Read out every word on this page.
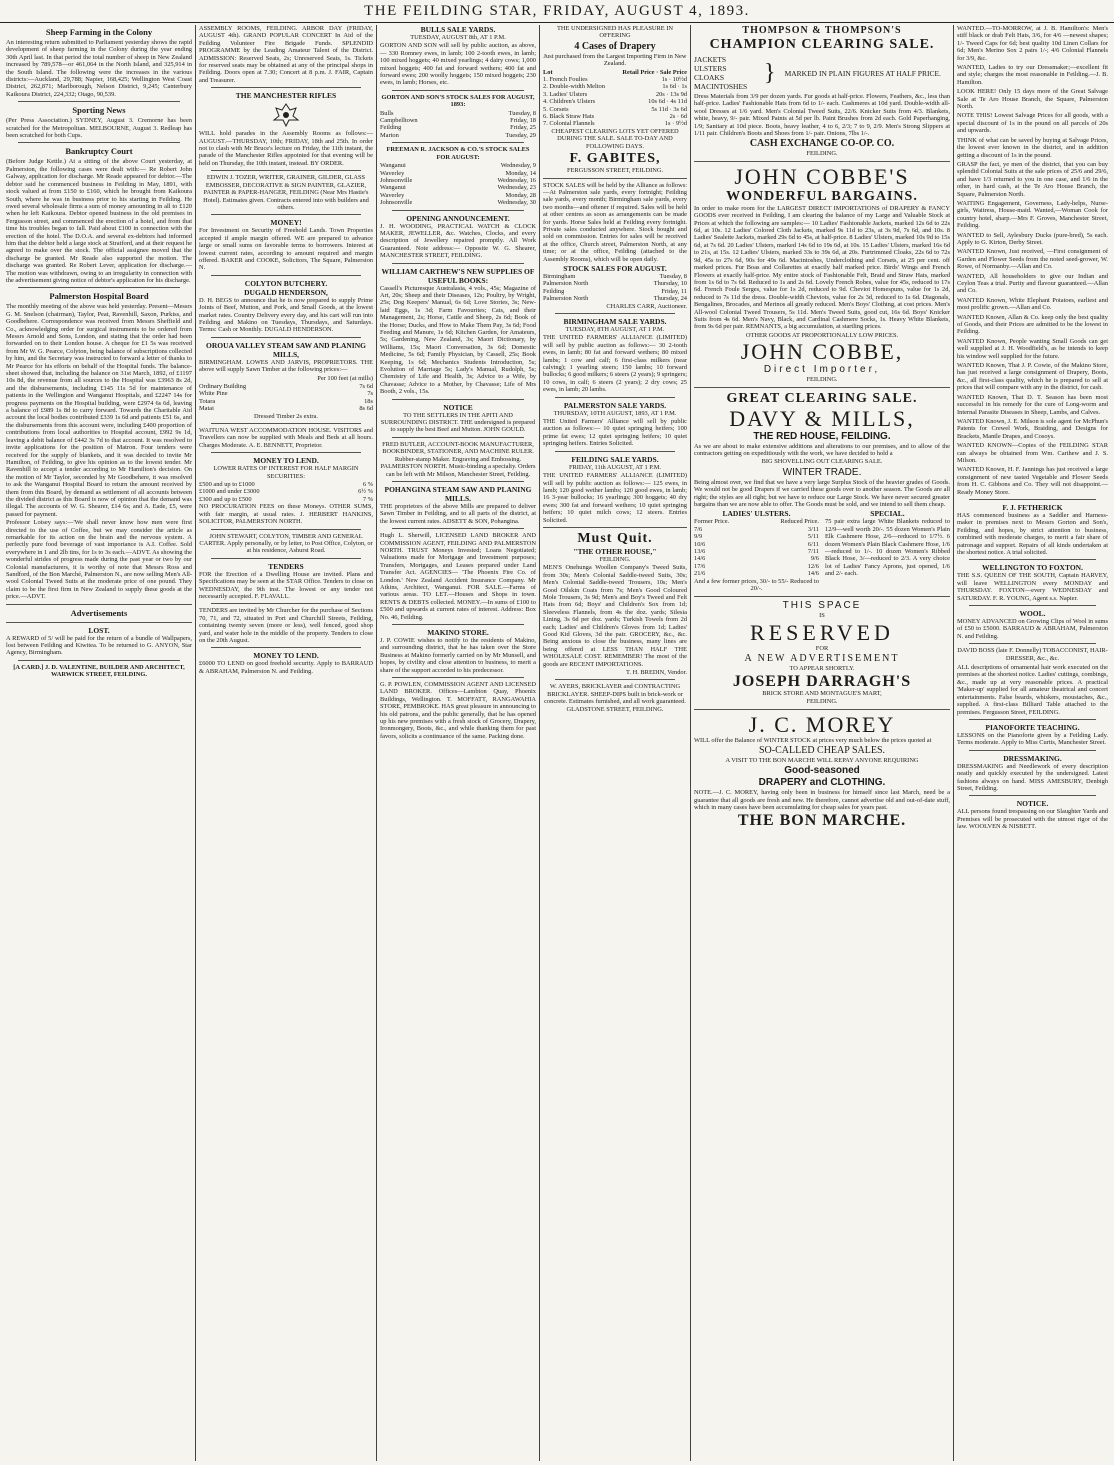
THE FEILDING STAR, FRIDAY, AUGUST 4, 1893.
Sheep Farming in the Colony

An interesting return submitted to Parliament yesterday shows the rapid development of sheep farming in the Colony during the year ending 30th April last. In that period the total number of sheep in New Zealand increased by 789,578—or 461,064 in the North Island, and 325,914 in the South Island. The following were the increases in the various districts:—Auckland, 29,788; Napier, 168,425; Wellington West Coast District, 262,871; Marlborough, Nelson District, 9,245; Canterbury Kaikoura District, 224,332; Otago, 90,539.

Sporting News

(Per Press Association.) SYDNEY, August 3. Cremorne has been scratched for the Metropolitan. MELBOURNE, August 3. Redleap has been scratched for both Cups.

Bankruptcy Court

(Before Judge Kettle.) At a sitting of the above Court yesterday, at Palmerston, the following cases were dealt with:— Re Robert John Galway, application for discharge. Mr Reade appeared for debtor.—The debtor said he commenced business in Feilding in May, 1891, with stock valued at from £150 to £160, which he brought from Kaikoura South, where he was in business prior to his starting in Feilding. He owed several wholesale firms a sum of money amounting in all to £120 when he left Kaikoura. Debtor opened business in the old premises in Fergusson street, and commenced the erection of a hotel, and from that time his troubles began to fall. Paid about £100 in connection with the erection of the hotel. The D.O.A. and several ex-debtors had informed him that the debtor held a large stock at Stratford, and at their request he agreed to make over the stock. The official assignee moved that the discharge be granted. Mr Reade also supported the motion. The discharge was granted. Re Robert Lever, application for discharge.—The motion was withdrawn, owing to an irregularity in connection with the advertisement giving notice of debtor's application for his discharge.

Palmerston Hospital Board

The monthly meeting of the above was held yesterday. Present—Messrs G. M. Snelson (chairman), Taylor, Peat, Ravenhill, Saxon, Purkiss, and Goodbehere. Correspondence was received from Messrs Sheffield and Co., acknowledging order for surgical instruments to be ordered from Messrs Arnold and Sons, London, and stating that the order had been forwarded on to their London house. A cheque for £1 5s was received from Mr W. G. Pearce, Colyton, being balance of subscriptions collected by him, and the Secretary was instructed to forward a letter of thanks to Mr Pearce for his efforts on behalf of the Hospital funds. The balance-sheet showed that, including the balance on 31st March, 1892, of £1197 10s 8d, the revenue from all sources to the Hospital was £3963 8s 2d, and the disbursements, including £145 11s 5d for maintenance of patients in the Wellington and Wanganui Hospitals, and £2247 14s for progress payments on the Hospital building, were £2974 6s 6d, leaving a balance of £989 1s 8d to carry forward. Towards the Charitable Aid account the local bodies contributed £339 1s 6d and patients £51 6s, and the disbursements from this account were, including £400 proportion of contributions from local authorities to Hospital account, £992 9s 1d, leaving a debit balance of £442 3s 7d to that account. It was resolved to invite applications for the position of Matron. Four tenders were received for the supply of blankets, and it was decided to invite Mr Hamilton, of Feilding, to give his opinion as to the lowest tender. Mr Ravenhill to accept a tender according to Mr Hamilton's decision. On the motion of Mr Taylor, seconded by Mr Goodbehere, it was resolved to ask the Wanganui Hospital Board to return the amount received by them from this Board, by demand as settlement of all accounts between the divided district as this Board is now of opinion that the demand was illegal. The accounts of W. G. Shearer, £14 6s; and A. Eade, £5, were passed for payment.

Professor Loisey says:—'We shall never know how men were first directed to the use of Coffee, but we may consider the article as remarkable for its action on the brain and the nervous system. A perfectly pure food beverage of vast importance is A.I. Coffee. Sold everywhere in 1 and 2lb tins, for 1s to 3s each.—ADVT. As showing the wonderful strides of progress made during the past year or two by our Colonial manufacturers, it is worthy of note that Messrs Ross and Sandford, of the Bon Marché, Palmerston N., are now selling Men's All-wool Colonial Tweed Suits at the moderate price of one pound. They claim to be the first firm in New Zealand to supply these goods at the price.—ADVT.

Advertisements
LOST.

A REWARD of 5/ will be paid for the return of a bundle of Wallpapers, lost between Feilding and Kiwitea. To be returned to G. ANYON, Star Agency, Birmingham.

[A CARD.] J. D. VALENTINE, BUILDER AND ARCHITECT, WARWICK STREET, FEILDING.

ASSEMBLY ROOMS, FEILDING. ARBOR DAY (FRIDAY, AUGUST 4th). GRAND POPULAR CONCERT In Aid of the Feilding Volunteer Fire Brigade Funds. SPLENDID PROGRAMME by the Leading Amateur Talent of the District. ADMISSION: Reserved Seats, 2s; Unreserved Seats, 1s. Tickets for reserved seats may be obtained at any of the principal shops in Feilding. Doors open at 7.30; Concert at 8 p.m. J. FAIR, Captain and Treasurer.

THE MANCHESTER RIFLES

WILL hold parades in the Assembly Rooms as follows:—AUGUST.—THURSDAY, 10th; FRIDAY, 18th and 25th. In order not to clash with Mr Bruce's lecture on Friday, the 11th instant, the parade of the Manchester Rifles appointed for that evening will be held on Thursday, the 10th instant, instead. BY ORDER.

EDWIN J. TOZER, WRITER, GRAINER, GILDER, GLASS EMBOSSER, DECORATIVE & SIGN PAINTER, GLAZIER, PAINTER & PAPER-HANGER, FEILDING (Near Mrs Hastie's Hotel). Estimates given. Contracts entered into with builders and others.

MONEY!

For Investment on Security of Freehold Lands. Town Properties accepted if ample margin offered. WE are prepared to advance large or small sums on favorable terms to borrowers. Interest at lowest current rates, according to amount required and margin offered. BAKER and COOKE, Solicitors, The Square, Palmerston N.

COLYTON BUTCHERY.
DUGALD HENDERSON,

D. H. BEGS to announce that he is now prepared to supply Prime Joints of Beef, Mutton, and Pork, and Small Goods, at the lowest market rates. Country Delivery every day, and his cart will run into Feilding and Makino on Tuesdays, Thursdays, and Saturdays. Terms: Cash or Monthly. DUGALD HENDERSON.

OROUA VALLEY STEAM SAW AND PLANING MILLS,

BIRMINGHAM. LOWES AND JARVIS, PROPRIETORS. THE above will supply Sawn Timber at the following prices:—

Per 100 feet (at mills)

Ordinary Building	7s 6d
White Pine	7s
Totara	18s
Matai	8s 6d

Dressed Timber 2s extra.

WAITUNA WEST ACCOMMODATION HOUSE. VISITORS and Travellers can now be supplied with Meals and Beds at all hours. Charges Moderate. A. E. BENNETT, Proprietor.

MONEY TO LEND.

LOWER RATES OF INTEREST FOR HALF MARGIN SECURITIES:

£500 and up to £1000	6 %
£1000 and under £3000	6½ %
£300 and up to £500	7 %

NO PROCURATION FEES on these Moneys. OTHER SUMS, with fair margin, at usual rates. J. HERBERT HANKINS, SOLICITOR, PALMERSTON NORTH.

JOHN STEWART, COLYTON, TIMBER AND GENERAL CARTER. Apply personally, or by letter, to Post Office, Colyton, or at his residence, Ashurst Road.

TENDERS

FOR the Erection of a Dwelling House are invited. Plans and Specifications may be seen at the STAR Office. Tenders to close on WEDNESDAY, the 9th inst. The lowest or any tender not necessarily accepted. F. FLAVALL.

TENDERS are invited by Mr Churcher for the purchase of Sections 70, 71, and 72, situated in Port and Churchill Streets, Feilding, containing twenty seven (more or less), well fenced, good shop yard, and water hole in the middle of the property. Tenders to close on the 20th August.

MONEY TO LEND.

£6000 TO LEND on good freehold security. Apply to BARRAUD & ABRAHAM, Palmerston N. and Feilding.

BULLS SALE YARDS.

TUESDAY, AUGUST 8th, AT 1 P.M.

GORTON AND SON will sell by public auction, as above,— 330 Romney ewes, in lamb; 100 2-tooth ewes, in lamb; 100 mixed hoggets; 40 mixed yearlings; 4 dairy cows; 1,000 mixed hoggets; 400 fat and forward wethers; 400 fat and forward ewes; 200 woolly hoggets; 150 mixed hoggets; 230 ewes, in lamb; Horses, etc.

GORTON AND SON'S STOCK SALES FOR AUGUST, 1893:

Bulls	Tuesday, 8
Campbelltown	Friday, 18
Feilding	Friday, 25
Marton	Tuesday, 29

FREEMAN R. JACKSON & CO.'S STOCK SALES FOR AUGUST:

Wanganui	Wednesday, 9
Waverley	Monday, 14
Johnsonville	Wednesday, 16
Wanganui	Wednesday, 23
Waverley	Monday, 28
Johnsonville	Wednesday, 30
OPENING ANNOUNCEMENT.

J. H. WOODING, PRACTICAL WATCH & CLOCK MAKER, JEWELLER, &c. Watches, Clocks, and every description of Jewellery repaired promptly. All Work Guaranteed. Note address:— Opposite W. G. Shearer, MANCHESTER STREET, FEILDING.

WILLIAM CARTHEW'S NEW SUPPLIES OF USEFUL BOOKS:

Cassell's Picturesque Australasia, 4 vols., 45s; Magazine of Art, 20s; Sheep and their Diseases, 12s; Poultry, by Wright, 25s; Dog Keepers' Manual, 6s 6d; Love Stories, 3s; New-laid Eggs, 1s 3d; Farm Favourites; Cats, and their Management, 2s; Horse, Cattle and Sheep, 2s 6d; Book of the Horse; Ducks, and How to Make Them Pay, 3s 6d; Food Feeding and Manure, 1s 6d; Kitchen Garden, for Amateurs, 5s; Gardening, New Zealand, 3s; Maori Dictionary, by Williams, 15s; Maori Conversation, 3s 6d; Domestic Medicine, 5s 6d; Family Physician, by Cassell, 25s; Book Keeping, 1s 6d; Mechanics Students Introduction, 5s; Evolution of Marriage 5s; Lady's Manual, Rudolph, 5s; Chemistry of Life and Health, 3s; Advice to a Wife, by Chavasse; Advice to a Mother, by Chavasse; Life of Mrs Booth, 2 vols., 15s.

NOTICE

TO THE SETTLERS IN THE APITI AND SURROUNDING DISTRICT. THE undersigned is prepared to supply the best Beef and Mutton. JOHN GOULD.

FRED BUTLER, ACCOUNT-BOOK MANUFACTURER, BOOKBINDER, STATIONER, AND MACHINE RULER. Rubber-stamp Maker. Engraving and Embossing. PALMERSTON NORTH. Music-binding a specialty. Orders can be left with Mr Milson, Manchester Street, Feilding.

POHANGINA STEAM SAW AND PLANING MILLS.

THE proprietors of the above Mills are prepared to deliver Sawn Timber in Feilding, and to all parts of the district, at the lowest current rates. ADSETT & SON, Pohangina.

Hugh L. Sherwill, LICENSED LAND BROKER AND COMMISSION AGENT, FEILDING AND PALMERSTON NORTH. TRUST Moneys Invested; Loans Negotiated; Valuations made for Mortgage and Investment purposes; Transfers, Mortgages, and Leases prepared under Land Transfer Act. AGENCIES— 'The Phoenix Fire Co. of London.' New Zealand Accident Insurance Company. Mr Atkins, Architect, Wanganui. FOR SALE.—Farms of various areas. TO LET.—Houses and Shops in town. RENTS & DEBTS collected. MONEY.—In sums of £100 to £500 and upwards at current rates of interest. Address: Box No. 46, Feilding.

MAKINO STORE.

J. P. COWIE wishes to notify to the residents of Makino, and surrounding district, that he has taken over the Store Business at Makino formerly carried on by Mr Munsell, and hopes, by civility and close attention to business, to merit a share of the support accorded to his predecessor.

G. P. POWLEN, COMMISSION AGENT AND LICENSED LAND BROKER. Offices—Lambton Quay, Phoenix Buildings, Wellington. T. MOFFATT, RANGAWAHIA STORE, PEMBROKE. HAS great pleasure in announcing to his old patrons, and the public generally, that he has opened up his new premises with a fresh stock of Grocery, Drapery, Ironmongery, Boots, &c., and while thanking them for past favors, solicits a continuance of the same. Packing done.

THE UNDERSIGNED HAS PLEASURE IN OFFERING

4 Cases of Drapery

Just purchased from the Largest Importing Firm in New Zealand.

Lot	Retail Price · Sale Price
1. French Foulies	1s · 10½d
2. Double-width Melton	1s 6d · 1s
3. Ladies' Ulsters	20s · 13s 9d
4. Children's Ulsters	10s 6d · 4s 11d
5. Corsets	5s 11d · 3s 6d
6. Black Straw Hats	2s · 6d
7. Colonial Flannels	1s · 9½d

CHEAPEST CLEARING LOTS YET OFFERED DURING THE SALE. SALE TO-DAY AND FOLLOWING DAYS.

F. GABITES,

FERGUSSON STREET, FEILDING.

STOCK SALES will be held by the Alliance as follows:—At Palmerston sale yards, every fortnight; Feilding sale yards, every month; Birmingham sale yards, every two months—and oftener if required. Sales will be held at other centres as soon as arrangements can be made for yards. Horse Sales held at Feilding every fortnight. Private sales conducted anywhere. Stock bought and sold on commission. Entries for sales will be received at the office, Church street, Palmerston North, at any time; or at the office, Feilding (attached to the Assembly Rooms), which will be open daily.

STOCK SALES FOR AUGUST.
Birmingham	Tuesday, 8
Palmerston North	Thursday, 10
Feilding	Friday, 11
Palmerston North	Thursday, 24

CHARLES CARR, Auctioneer.

BIRMINGHAM SALE YARDS.

TUESDAY, 8TH AUGUST, AT 1 P.M.

THE UNITED FARMERS' ALLIANCE (LIMITED) will sell by public auction as follows:— 30 2-tooth ewes, in lamb; 80 fat and forward wethers; 80 mixed lambs; 1 cow and calf; 6 first-class milkers (near calving); 1 yearling steers; 150 lambs; 10 forward bullocks; 6 good milkers; 6 steers (2 years); 9 springers; 10 cows, in calf; 6 steers (2 years); 2 dry cows; 25 ewes, in lamb; 20 lambs.

PALMERSTON SALE YARDS.

THURSDAY, 10TH AUGUST, 1893, AT 1 P.M.

THE United Farmers' Alliance will sell by public auction as follows:— 10 quiet springing heifers; 100 prime fat ewes; 12 quiet springing heifers; 10 quiet springing heifers. Entries Solicited.

FEILDING SALE YARDS.

FRIDAY, 11th AUGUST, AT 1 P.M.

THE UNITED FARMERS' ALLIANCE (LIMITED) will sell by public auction as follows:— 125 ewes, in lamb; 120 good wether lambs; 120 good ewes, in lamb; 16 3-year bullocks; 16 yearlings; 300 hoggets; 40 dry ewes; 300 fat and forward wethers; 10 quiet springing heifers; 10 quiet milch cows; 12 steers. Entries Solicited.

Must Quit.
"THE OTHER HOUSE,"

FEILDING.

MEN'S Onehunga Woollen Company's Tweed Suits, from 30s; Men's Colonial Saddle-tweed Suits, 30s; Men's Colonial Saddle-tweed Trousers, 10s; Men's Good Oilskin Coats from 7s; Men's Good Coloured Mole Trousers, 3s 9d; Men's and Boy's Tweed and Felt Hats from 6d; Boys' and Children's Sox from 1d; Sleeveless Flannels, from 4s the doz. yards; Silesia Lining, 3s 6d per doz. yards; Turkish Towels from 2d each; Ladies' and Children's Gloves from 1d; Ladies' Good Kid Gloves, 3d the pair. GROCERY, &c., &c. Being anxious to close the business, many lines are being offered at LESS THAN HALF THE WHOLESALE COST. REMEMBER! The most of the goods are RECENT IMPORTATIONS.

T. H. BREDIN, Vendor.

W. AYERS, BRICKLAYER and CONTRACTING BRICKLAYER. SHEEP-DIPS built in brick-work or concrete. Estimates furnished, and all work guaranteed. GLADSTONE STREET, FEILDING.

THOMPSON & THOMPSON'S
CHAMPION CLEARING SALE.
JACKETS
ULSTERS
CLOAKS
MACINTOSHES
}	MARKED IN PLAIN FIGURES AT HALF PRICE.

Dress Materials from 3/9 per dozen yards. Fur goods at half-price. Flowers, Feathers, &c., less than half-price. Ladies' Fashionable Hats from 6d to 1/- each. Cashmeres at 10d yard. Double-width all-wool Dresses at 1/6 yard. Men's Colonial Tweed Suits, 22/6. Knicker Suits from 4/3. Blankets, white, heavy, 9/- pair. Mixed Paints at 5d per lb. Paint Brushes from 2d each. Gold Paperhanging, 1/9; Sanitary at 10d piece. Boots, heavy leather, 4 to 6, 2/3; 7 to 9, 2/9. Men's Strong Slippers at 1/11 pair. Children's Boots and Shoes from 1/- pair. Onions, 7lbs 1/-.

CASH EXCHANGE CO-OP. CO.

FEILDING.

JOHN COBBE'S
WONDERFUL BARGAINS.

In order to make room for the LARGEST DIRECT IMPORTATIONS of DRAPERY & FANCY GOODS ever received in Feilding, I am clearing the balance of my Large and Valuable Stock at Prices at which the following are samples:— 10 Ladies' Fashionable Jackets, marked 12s 6d to 22s 6d, at 10s. 12 Ladies' Colored Cloth Jackets, marked 9s 11d to 23s, at 3s 9d, 7s 6d, and 10s. 8 Ladies' Sealette Jackets, marked 29s 6d to 45s, at half-price. 8 Ladies' Ulsters, marked 10s 9d to 15s 6d, at 7s 6d. 20 Ladies' Ulsters, marked 14s 6d to 19s 6d, at 10s. 15 Ladies' Ulsters, marked 16s 6d to 21s, at 15s. 12 Ladies' Ulsters, marked 33s to 39s 6d, at 20s. Furtrimmed Cloaks, 22s 6d to 72s 9d, 45s to 27s 6d, 90s for 49s 6d. Macintoshes, Underclothing and Corsets, at 25 per cent. off marked prices. Fur Boas and Collarettes at exactly half marked price. Birds' Wings and French Flowers at exactly half-price. My entire stock of Fashionable Felt, Braid and Straw Hats, marked from 1s 6d to 7s 6d. Reduced to 1s and 2s 6d. Lovely French Robes, value for 45s, reduced to 17s 6d. French Foule Serges, value for 1s 2d, reduced to 9d. Cheviot Homespuns, value for 1s 2d, reduced to 7s 11d the dress. Double-width Cheviots, value for 2s 3d, reduced to 1s 6d. Diagonals, Bengalines, Brocades, and Merinos all greatly reduced. Men's Boys' Clothing, at cost prices. Men's All-wool Colonial Tweed Trousers, 5s 11d. Men's Tweed Suits, good cut, 16s 6d. Boys' Knicker Suits from 4s 6d. Men's Navy, Black, and Cardinal Cashmere Socks, 1s. Heavy White Blankets, from 9s 6d per pair. REMNANTS, a big accumulation, at startling prices.

OTHER GOODS AT PROPORTIONALLY LOW PRICES.

JOHN COBBE,
Direct Importer,

FEILDING.

GREAT CLEARING SALE.
DAVY & MILLS,
THE RED HOUSE, FEILDING.

As we are about to make extensive additions and alterations to our premises, and to allow of the contractors getting on expeditiously with the work, we have decided to hold a

BIG SHOVELLING OUT CLEARING SALE.

WINTER TRADE.

Being almost over, we find that we have a very large Surplus Stock of the heavier grades of Goods. We would not be good Drapers if we carried these goods over to another season. The Goods are all right; the styles are all right; but we have to reduce our Large Stock. We have never secured greater bargains than we are now able to offer. The Goods must be sold, and we intend to sell them cheap.

LADIES' ULSTERS.
Former Price.	Reduced Price.
7/6	3/11
9/9	5/11
10/6	6/11
13/6	7/11
14/6	9/6
17/6	12/6
21/6	14/6

And a few former prices, 30/- to 55/- Reduced to 20/-.

SPECIAL.

75 pair extra large White Blankets reduced to 12/9—well worth 20/-. 55 dozen Women's Plain Elk Cashmere Hose, 2/6—reduced to 1/7½. 6 dozen Women's Plain Black Cashmere Hose, 1/6—reduced to 1/-. 10 dozen Women's Ribbed Black Hose, 3/—reduced to 2/3. A very choice lot of Ladies' Fancy Aprons, just opened, 1/6 and 2/- each.

THIS SPACE

IS

RESERVED

FOR

A NEW ADVERTISEMENT

TO APPEAR SHORTLY.

JOSEPH DARRAGH'S

BRICK STORE AND MONTAGUE'S MART,

FEILDING.

J. C. MOREY

WILL offer the Balance of WINTER STOCK at prices very much below the prices quoted at

SO-CALLED CHEAP SALES.

A VISIT TO THE BON MARCHE WILL REPAY ANYONE REQUIRING

Good-seasoned
DRAPERY and CLOTHING.

NOTE.—J. C. MOREY, having only been in business for himself since last March, need be a guarantee that all goods are fresh and new. He therefore, cannot advertise old and out-of-date stuff, which in many cases have been accumulating for cheap sales for years past.

THE BON MARCHE.

WANTED.—TO-MORROW, at J. B. Hamilton's: Men's stiff black or drab Felt Hats, 3/6, for 4/6 —newest shapes; 1/- Tweed Caps for 6d; best quality 10d Linen Collars for 6d; Men's Merino Sox 2 pairs 1/-; 4/6 Colonial Flannels for 3/9, &c.

WANTED, Ladies to try our Dressmaker;—excellent fit and style; charges the most reasonable in Feilding.—J. B. Hamilton.

LOOK HERE! Only 15 days more of the Great Salvage Sale at Te Aro House Branch, the Square, Palmerston North.

NOTE THIS! Lowest Salvage Prices for all goods, with a special discount of 1s in the pound on all parcels of 20s and upwards.

THINK of what can be saved by buying at Salvage Prices, the lowest ever known in the district, and in addition getting a discount of 1s in the pound.

GRASP the fact, ye men of the district, that you can buy splendid Colonial Suits at the sale prices of 25/6 and 29/6, and have 1/3 returned to you in one case, and 1/6 in the other, in hard cash, at the Te Aro House Branch, the Square, Palmerston North.

WAITING Engagement, Governess, Lady-helps, Nurse-girls, Waitress, House-maid. Wanted,—Woman Cook for country hotel, sharp.—Mrs F. Groves, Manchester Street, Feilding.

WANTED to Sell, Aylesbury Ducks (pure-bred), 5s each. Apply to G. Kirton, Derby Street.

WANTED Known, Just received, —First consignment of Garden and Flower Seeds from the noted seed-grower, W. Rowe, of Normanby.—Allan and Co.

WANTED, All householders to give our Indian and Ceylon Teas a trial. Purity and flavour guaranteed.—Allan and Co.

WANTED Known, White Elephant Potatoes, earliest and most prolific grown.—Allan and Co.

WANTED Known, Allan & Co. keep only the best quality of Goods, and their Prices are admitted to be the lowest in Feilding.

WANTED Known, People wanting Small Goods can get well supplied at J. H. Woodfield's, as he intends to keep his window well supplied for the future.

WANTED Known, That J. P. Cowie, of the Makino Store, has just received a large consignment of Drapery, Boots, &c., all first-class quality, which he is prepared to sell at prices that will compare with any in the district, for cash.

WANTED Known, That D. T. Season has been most successful in his remedy for the cure of Long-worm and Internal Parasite Diseases in Sheep, Lambs, and Calves.

WANTED Known, J. E. Milson is sole agent for McPhun's Patents for Crewel Work, Braiding, and Designs for Brackets, Mantle Drapes, and Cosoys.

WANTED KNOWN—Copies of the FEILDING STAR can always be obtained from Wm. Carthew and J. S. Milson.

WANTED Known, H. F. Jannings has just received a large consignment of new tasted Vegetable and Flower Seeds from H. C. Gibbons and Co. They will not disappoint.—Ready Money Store.

F. J. FETHERICK

HAS commenced business as a Saddler and Harness-maker in premises next to Messrs Gorton and Son's, Feilding, and hopes, by strict attention to business, combined with moderate charges, to merit a fair share of patronage and support. Repairs of all kinds undertaken at the shortest notice. A trial solicited.

WELLINGTON TO FOXTON.

THE S.S. QUEEN OF THE SOUTH, Captain HARVEY, will leave WELLINGTON every MONDAY and THURSDAY. FOXTON—every WEDNESDAY and SATURDAY. F. R. YOUNG, Agent s.s. Napier.

WOOL.

MONEY ADVANCED on Growing Clips of Wool in sums of £50 to £5000. BARRAUD & ABRAHAM, Palmerston N. and Feilding.

DAVID BOSS (late F. Donnelly) TOBACCONIST, HAIR-DRESSER, &c., &c.

ALL descriptions of ornamental hair work executed on the premises at the shortest notice. Ladies' cuttings, combings, &c., made up at very reasonable prices. A practical 'Maker-up' supplied for all amateur theatrical and concert entertainments. False beards, whiskers, moustaches, &c., supplied. A first-class Billiard Table attached to the premises. Fergusson Street, FEILDING.

PIANOFORTE TEACHING.

LESSONS on the Pianoforte given by a Feilding Lady. Terms moderate. Apply to Miss Curtis, Manchester Street.

DRESSMAKING.

DRESSMAKING and Needlework of every description neatly and quickly executed by the undersigned. Latest fashions always on hand. MISS AMESBURY, Denbigh Street, Feilding.

NOTICE.

ALL persons found trespassing on our Slaughter Yards and Premises will be prosecuted with the utmost rigor of the law. WOOLVEN & NISBETT.
